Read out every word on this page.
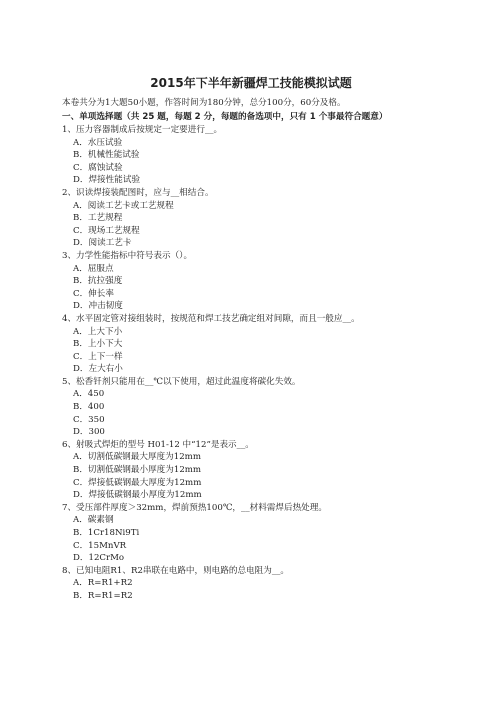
2015年下半年新疆焊工技能模拟试题
本卷共分为1大题50小题，作答时间为180分钟，总分100分，60分及格。
一、单项选择题（共 25 题，每题 2 分，每题的备选项中，只有 1 个事最符合题意）
1、压力容器制成后按规定一定要进行__。
A．水压试验
B．机械性能试验
C．腐蚀试验
D．焊接性能试验
2、识读焊接装配图时，应与__相结合。
A．阅读工艺卡或工艺规程
B．工艺规程
C．现场工艺规程
D．阅读工艺卡
3、力学性能指标中符号表示（）。
A．屈服点
B．抗拉强度
C．伸长率
D．冲击韧度
4、水平固定管对接组装时，按规范和焊工技艺确定组对间隙，而且一般应__。
A．上大下小
B．上小下大
C．上下一样
D．左大右小
5、松香钎剂只能用在__℃以下使用，超过此温度将碳化失效。
A．450
B．400
C．350
D．300
6、射吸式焊炬的型号 H01-12 中“12”是表示__。
A．切割低碳钢最大厚度为12mm
B．切割低碳钢最小厚度为12mm
C．焊接低碳钢最大厚度为12mm
D．焊接低碳钢最小厚度为12mm
7、受压部件厚度＞32mm，焊前预热100℃，__材料需焊后热处理。
A．碳素钢
B．1Cr18Ni9Ti
C．15MnVR
D．12CrMo
8、已知电阻R1、R2串联在电路中，则电路的总电阻为__。
A．R=R1+R2
B．R=R1=R2
